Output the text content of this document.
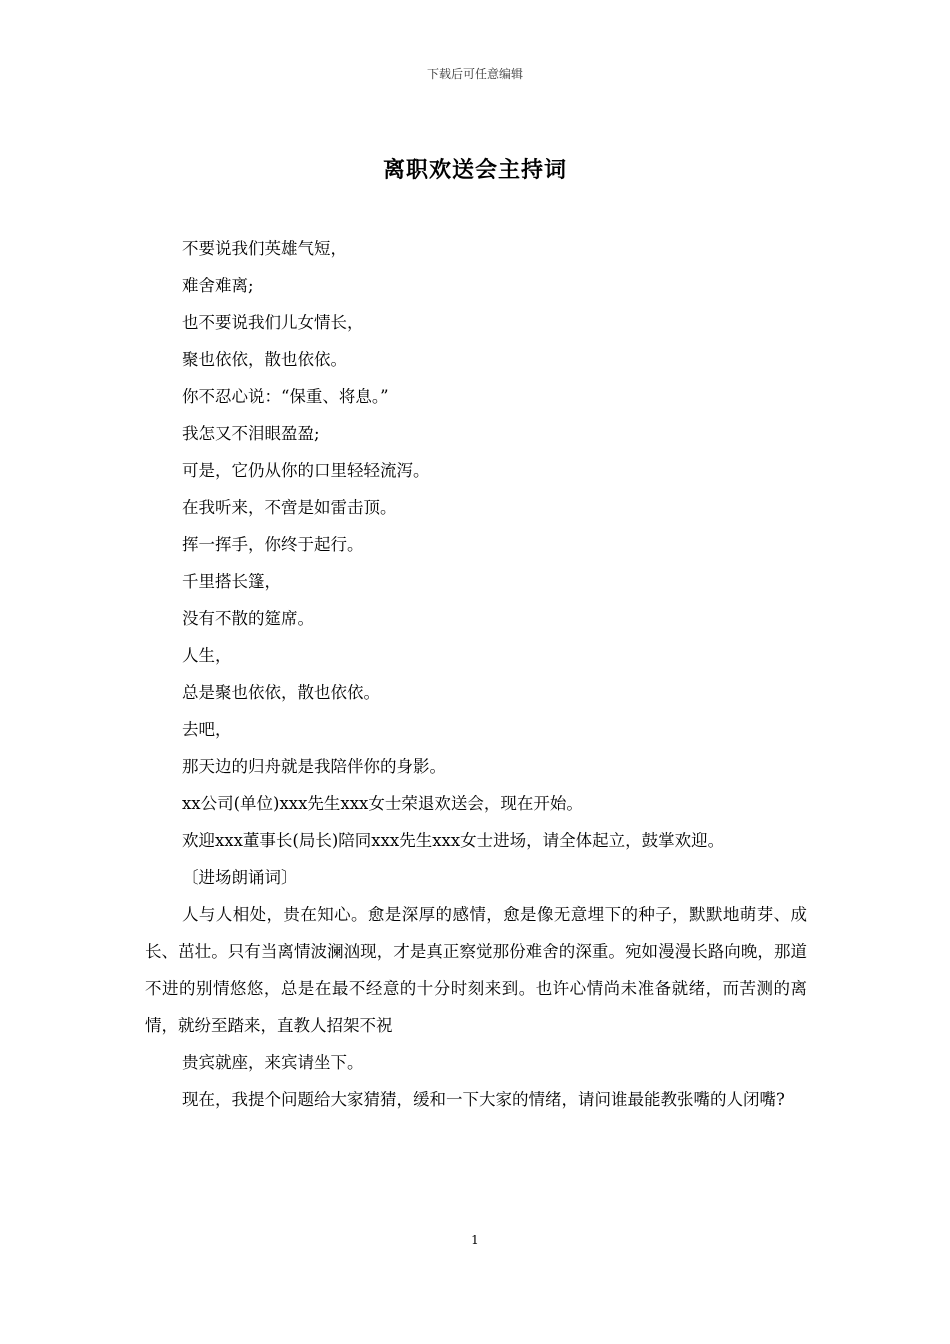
下载后可任意编辑
离职欢送会主持词

不要说我们英雄气短，

难舍难离;

也不要说我们儿女情长，

聚也依依，散也依依。

你不忍心说：“保重、将息。”

我怎又不泪眼盈盈;

可是，它仍从你的口里轻轻流泻。

在我听来，不啻是如雷击顶。

挥一挥手，你终于起行。

千里搭长篷，

没有不散的筵席。

人生，

总是聚也依依，散也依依。

去吧，

那天边的归舟就是我陪伴你的身影。

xx公司(单位)xxx先生xxx女士荣退欢送会，现在开始。

欢迎xxx董事长(局长)陪同xxx先生xxx女士进场，请全体起立，鼓掌欢迎。

〔进场朗诵词〕

人与人相处，贵在知心。愈是深厚的感情，愈是像无意埋下的种子，默默地萌芽、成长、茁壮。只有当离情波澜汹现，才是真正察觉那份难舍的深重。宛如漫漫长路向晚，那道不进的别情悠悠，总是在最不经意的十分时刻来到。也许心情尚未准备就绪，而苦测的离情，就纷至踏来，直教人招架不祝

贵宾就座，来宾请坐下。

现在，我提个问题给大家猜猜，缓和一下大家的情绪，请问谁最能教张嘴的人闭嘴?

1
